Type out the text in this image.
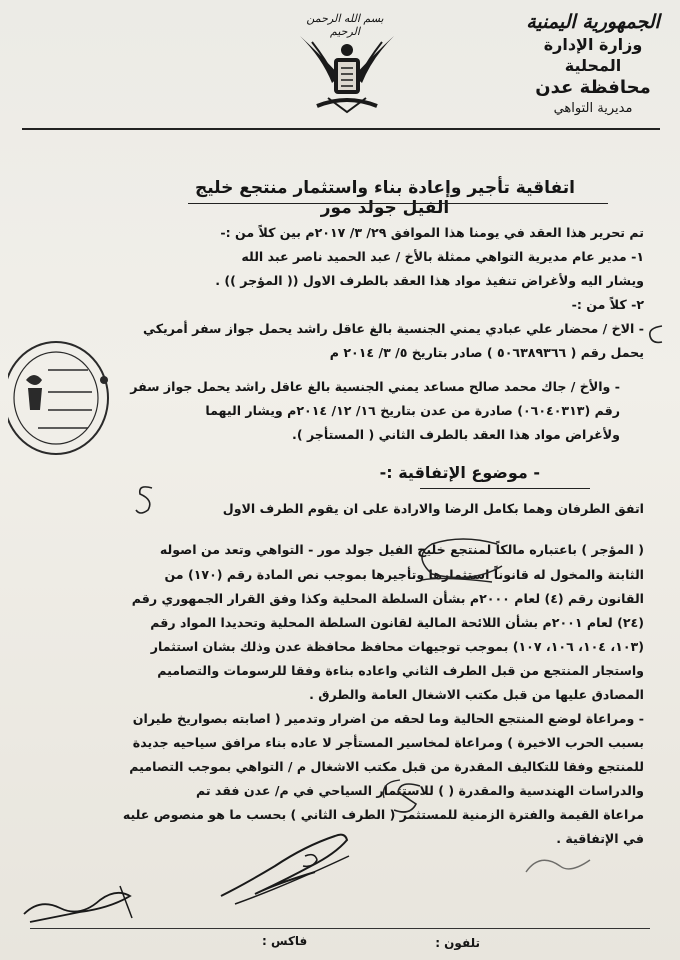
الجمهورية اليمنية
وزارة الإدارة المحلية
محافظة عدن
مديرية التواهي
بسم الله الرحمن الرحيم
اتفاقية تأجير وإعادة بناء واستثمار منتجع خليج الفيل جولد مور
تم تحرير هذا العقد في يومنا هذا الموافق ٢٩/ ٣/ ٢٠١٧م بين كلاً من :-
١- مدير عام مديرية التواهي ممثلة بالأخ / عبد الحميد ناصر عبد الله
ويشار اليه ولأغراض تنفيذ مواد هذا العقد بالطرف الاول (( المؤجر )) .
٢- كلاً من :-
- الاخ / محضار علي عبادي يمني الجنسية بالغ عاقل راشد يحمل جواز سفر أمريكي
يحمل رقم ( ٥٠٦٣٨٩٣٦٦ ) صادر بتاريخ ٥/ ٣/ ٢٠١٤ م
- والأخ / جاك محمد صالح مساعد يمني الجنسية بالغ عاقل راشد يحمل جواز سفر
رقم (٠٦٠٤٠٣١٣) صادرة من عدن بتاريخ ١٦/ ١٢/ ٢٠١٤م ويشار اليهما
ولأغراض مواد هذا العقد بالطرف الثاني ( المستأجر ).
- موضوع الإتفاقية :-
اتفق الطرفان وهما بكامل الرضا والارادة على ان يقوم الطرف الاول
( المؤجر ) باعتباره مالكاً لمنتجع خليج الفيل جولد مور - التواهي وتعد من اصوله
الثابتة والمخول له قانوناً استثمارها وتأجيرها بموجب نص المادة رقم (١٧٠) من
القانون رقم (٤) لعام ٢٠٠٠م بشأن السلطة المحلية وكذا وفق القرار الجمهوري رقم
(٢٤) لعام ٢٠٠١م بشأن اللائحة المالية لقانون السلطة المحلية وتحديدا المواد رقم
(١٠٣، ١٠٤، ١٠٦، ١٠٧) بموجب توجيهات محافظ محافظة عدن وذلك بشان استثمار
واستجار المنتجع من قبل الطرف الثاني واعاده بناءة وفقا للرسومات والتصاميم
المصادق عليها من قبل مكتب الاشغال العامة والطرق .
- ومراعاة لوضع المنتجع الحالية وما لحقه من اضرار وتدمير ( اصابته بصواريخ طيران
بسبب الحرب الاخيرة ) ومراعاة لمخاسير المستأجر لا عاده بناء مرافق سياحيه جديدة
للمنتجع وفقا للتكاليف المقدرة من قبل مكتب الاشغال م / التواهي بموجب التصاميم
والدراسات الهندسية والمقدرة ( ) للاستثمار السياحي في م/ عدن فقد تم
مراعاة القيمة والفترة الزمنية للمستثمر ( الطرف الثاني ) بحسب ما هو منصوص عليه
في الإتفاقية .
تلفون :
فاكس :
